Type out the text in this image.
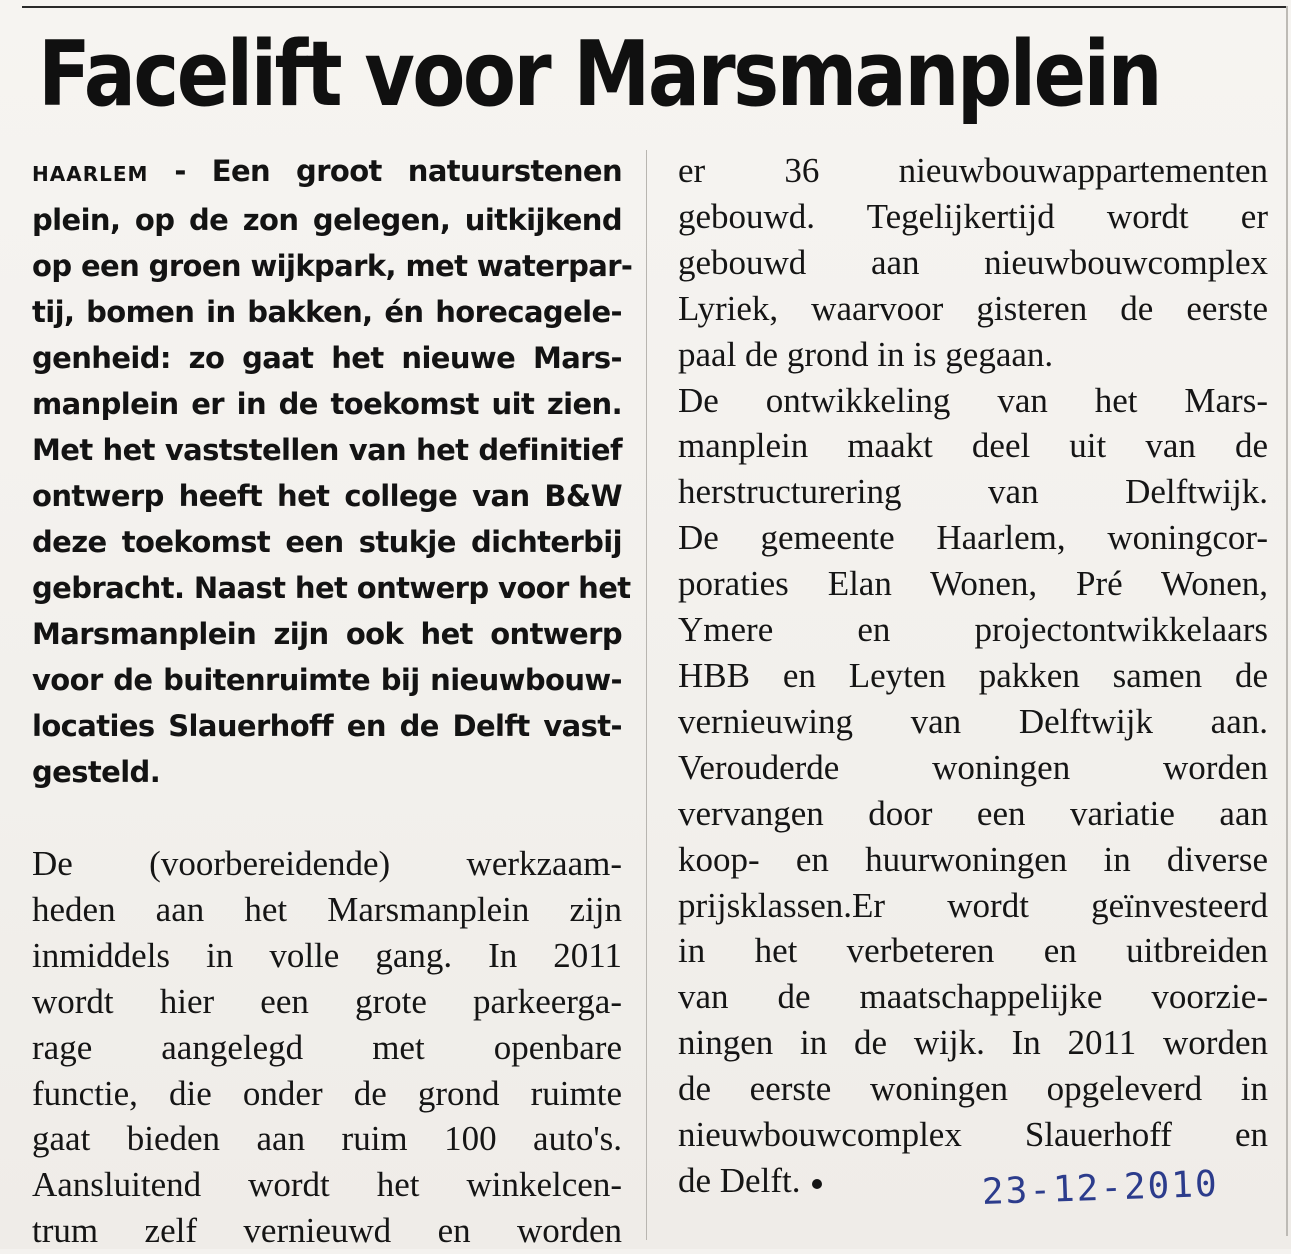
Facelift voor Marsmanplein
HAARLEM - Een groot natuurstenen
plein, op de zon gelegen, uitkijkend
op een groen wijkpark, met waterpar-
tij, bomen in bakken, én horecagele-
genheid: zo gaat het nieuwe Mars-
manplein er in de toekomst uit zien.
Met het vaststellen van het definitief
ontwerp heeft het college van B&W
deze toekomst een stukje dichterbij
gebracht. Naast het ontwerp voor het
Marsmanplein zijn ook het ontwerp
voor de buitenruimte bij nieuwbouw-
locaties Slauerhoff en de Delft vast-
gesteld.
De (voorbereidende) werkzaam-
heden aan het Marsmanplein zijn
inmiddels in volle gang. In 2011
wordt hier een grote parkeerga-
rage aangelegd met openbare
functie, die onder de grond ruimte
gaat bieden aan ruim 100 auto's.
Aansluitend wordt het winkelcen-
trum zelf vernieuwd en worden
er 36 nieuwbouwappartementen
gebouwd. Tegelijkertijd wordt er
gebouwd aan nieuwbouwcomplex
Lyriek, waarvoor gisteren de eerste
paal de grond in is gegaan.
De ontwikkeling van het Mars-
manplein maakt deel uit van de
herstructurering van Delftwijk.
De gemeente Haarlem, woningcor-
poraties Elan Wonen, Pré Wonen,
Ymere en projectontwikkelaars
HBB en Leyten pakken samen de
vernieuwing van Delftwijk aan.
Verouderde woningen worden
vervangen door een variatie aan
koop- en huurwoningen in diverse
prijsklassen.Er wordt geïnvesteerd
in het verbeteren en uitbreiden
van de maatschappelijke voorzie-
ningen in de wijk. In 2011 worden
de eerste woningen opgeleverd in
nieuwbouwcomplex Slauerhoff en
de Delft.	23-12-2010
